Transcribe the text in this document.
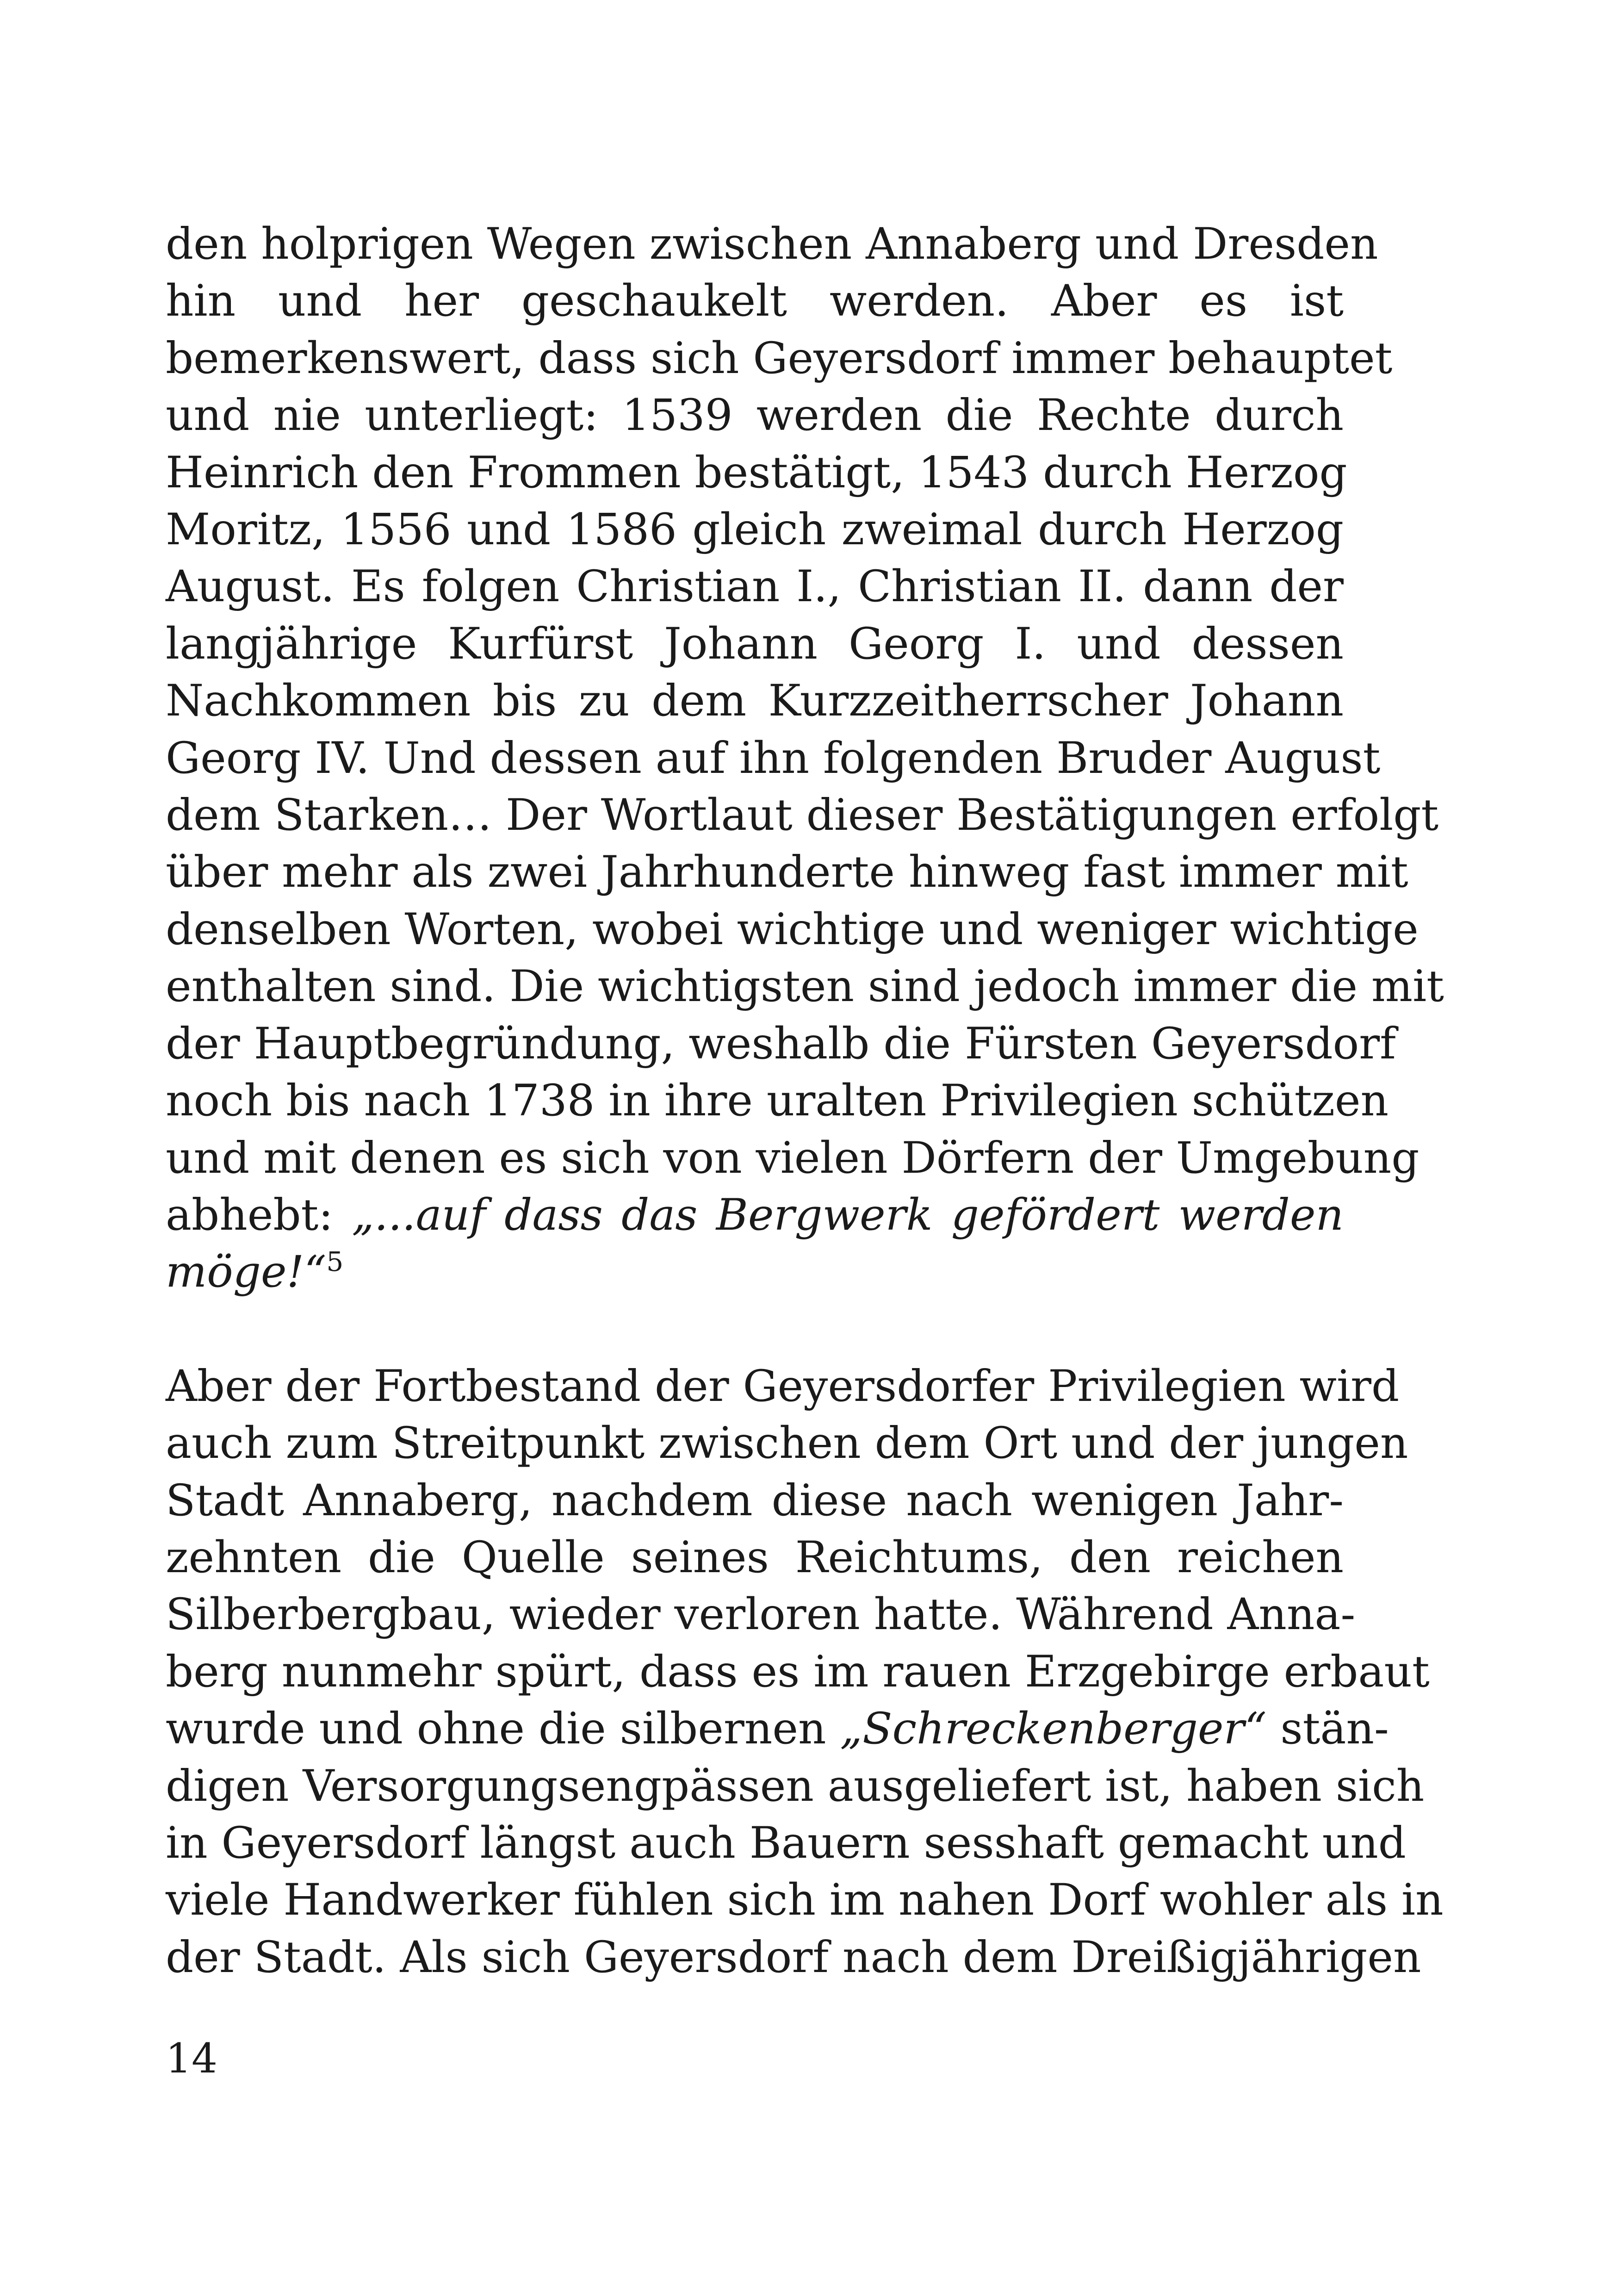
den holprigen Wegen zwischen Annaberg und Dresden
hin und her geschaukelt werden. Aber es ist
bemerkenswert, dass sich Geyersdorf immer behauptet
und nie unterliegt: 1539 werden die Rechte durch
Heinrich den Frommen bestätigt, 1543 durch Herzog
Moritz, 1556 und 1586 gleich zweimal durch Herzog
August. Es folgen Christian I., Christian II. dann der
langjährige Kurfürst Johann Georg I. und dessen
Nachkommen bis zu dem Kurzzeitherrscher Johann
Georg IV. Und dessen auf ihn folgenden Bruder August
dem Starken… Der Wortlaut dieser Bestätigungen erfolgt
über mehr als zwei Jahrhunderte hinweg fast immer mit
denselben Worten, wobei wichtige und weniger wichtige
enthalten sind. Die wichtigsten sind jedoch immer die mit
der Hauptbegründung, weshalb die Fürsten Geyersdorf
noch bis nach 1738 in ihre uralten Privilegien schützen
und mit denen es sich von vielen Dörfern der Umgebung
abhebt: „...auf dass das Bergwerk gefördert werden
möge!“$^5$

Aber der Fortbestand der Geyersdorfer Privilegien wird
auch zum Streitpunkt zwischen dem Ort und der jungen
Stadt Annaberg, nachdem diese nach wenigen Jahr-
zehnten die Quelle seines Reichtums, den reichen
Silberbergbau, wieder verloren hatte. Während Anna-
berg nunmehr spürt, dass es im rauen Erzgebirge erbaut
wurde und ohne die silbernen „Schreckenberger“ stän-
digen Versorgungsengpässen ausgeliefert ist, haben sich
in Geyersdorf längst auch Bauern sesshaft gemacht und
viele Handwerker fühlen sich im nahen Dorf wohler als in
der Stadt. Als sich Geyersdorf nach dem Dreißigjährigen

14
